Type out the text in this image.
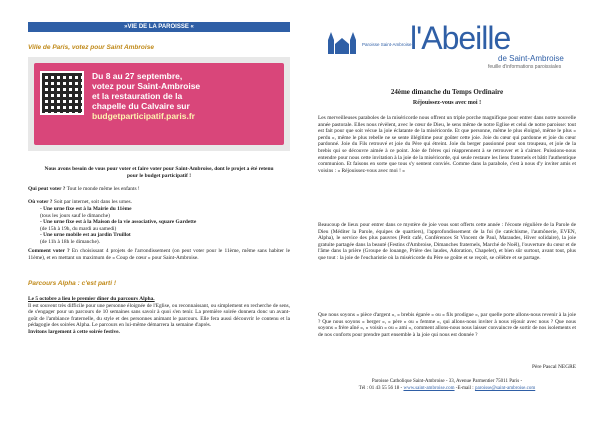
»VIE DE LA PAROISSE «
Ville de Paris, votez pour Saint Ambroise
Du 8 au 27 septembre,
votez pour Saint-Ambroise
et la restauration de la
chapelle du Calvaire sur
budgetparticipatif.paris.fr
Nous avons besoin de vous pour voter et faire voter pour Saint-Ambroise, dont le projet a été retenu pour le budget participatif !
Qui peut voter ? Tout le monde même les enfants !
Où voter ? Soit par internet, soit dans les urnes.
- Une urne fixe est à la Mairie du 11ème
(tous les jours sauf le dimanche)
- Une urne fixe est à la Maison de la vie associative, square Gardette
(de 15h à 19h, du mardi au samedi)
- Une urne mobile est au jardin Truillot
(de 11h à 18h le dimanche).
Comment voter ? En choisissant 4 projets de l'arrondissement (on peut voter pour le 11ème, même sans habiter le 11ème), et en mettant un maximum de « Coup de cœur » pour Saint-Ambroise.
Parcours Alpha : c'est parti !
Le 5 octobre a lieu le premier dîner du parcours Alpha.
Il est souvent très difficile pour une personne éloignée de l'Eglise, ou reconnaissant, ou simplement en recherche de sens, de s'engager pour un parcours de 10 semaines sans savoir à quoi s'en tenir. La première soirée donnera donc un avant-goût de l'ambiance fraternelle, du style et des personnes animant le parcours. Elle fera aussi découvrir le contenu et la pédagogie des soirées Alpha. Le parcours en lui-même démarrera la semaine d'après.
Invitons largement à cette soirée festive.
Paroisse Saint-Ambroise
l'Abeille
de Saint-Ambroise
feuille d'informations paroissiales
24ème dimanche du Temps Ordinaire
Réjouissez-vous avec moi !
Les merveilleuses paraboles de la miséricorde nous offrent un triple porche magnifique pour entrer dans notre nouvelle année pastorale. Elles nous révèlent, avec le cœur de Dieu, le sens même de notre Eglise et celui de notre paroisse: tout est fait pour que soit vécue la joie éclatante de la miséricorde. Et que personne, même le plus éloigné, même le plus « perdu », même le plus rebelle ne se sente illégitime pour goûter cette joie. Joie du cœur qui pardonne et joie du cœur pardonné. Joie du Fils retrouvé et joie du Père qui étreint. Joie du berger passionné pour son troupeau, et joie de la brebis qui se découvre aimée à ce point. Joie de frères qui réapprennent à se retrouver et à s'aimer. Puissions-nous entendre pour nous cette invitation à la joie de la miséricorde, qui seule restaure les liens fraternels et bâtit l'authentique communion. Et faisons en sorte que tous s'y sentent conviés. Comme dans la parabole, c'est à nous d'y inviter amis et voisins : « Réjouissez-vous avec moi ! »
Beaucoup de lieux pour entrer dans ce mystère de joie vous sont offerts cette année : l'écoute régulière de la Parole de Dieu (Méditer la Parole, équipes de quartiers), l'approfondissement de la foi (le catéchisme, l'aumônerie, EVEN, Alpha), le service des plus pauvres (Petit café, Conférences St Vincent de Paul, Maraudes, Hiver solidaire), la joie gratuite partagée dans la beauté (Festins d'Ambroise, Dimanches fraternels, Marché de Noël), l'ouverture du cœur et de l'âme dans la prière (Groupe de louange, Prière des laudes, Adoration, Chapelet), et bien sûr surtout, avant tout, plus que tout : la joie de l'eucharistie où la miséricorde du Père se goûte et se reçoit, se célèbre et se partage.
Que nous soyons « pièce d'argent », « brebis égarée » ou « fils prodigue », par quelle porte allons-nous revenir à la joie ? Que nous soyons « berger », « père » ou « femme », qui allons-nous inviter à nous réjouir avec nous ? Que nous soyons « frère aîné », « voisin » ou « ami », comment allons-nous nous laisser convaincre de sortir de nos isolements et de nos conforts pour prendre part ensemble à la joie qui nous est donnée ?
Père Pascal NEGRE
Paroisse Catholique Saint-Ambroise - 33, Avenue Parmentier 75011 Paris -
Tél : 01 43 55 56 18 - www.saint-ambroise.com -E-mail : paroisse@saint-ambroise.com
